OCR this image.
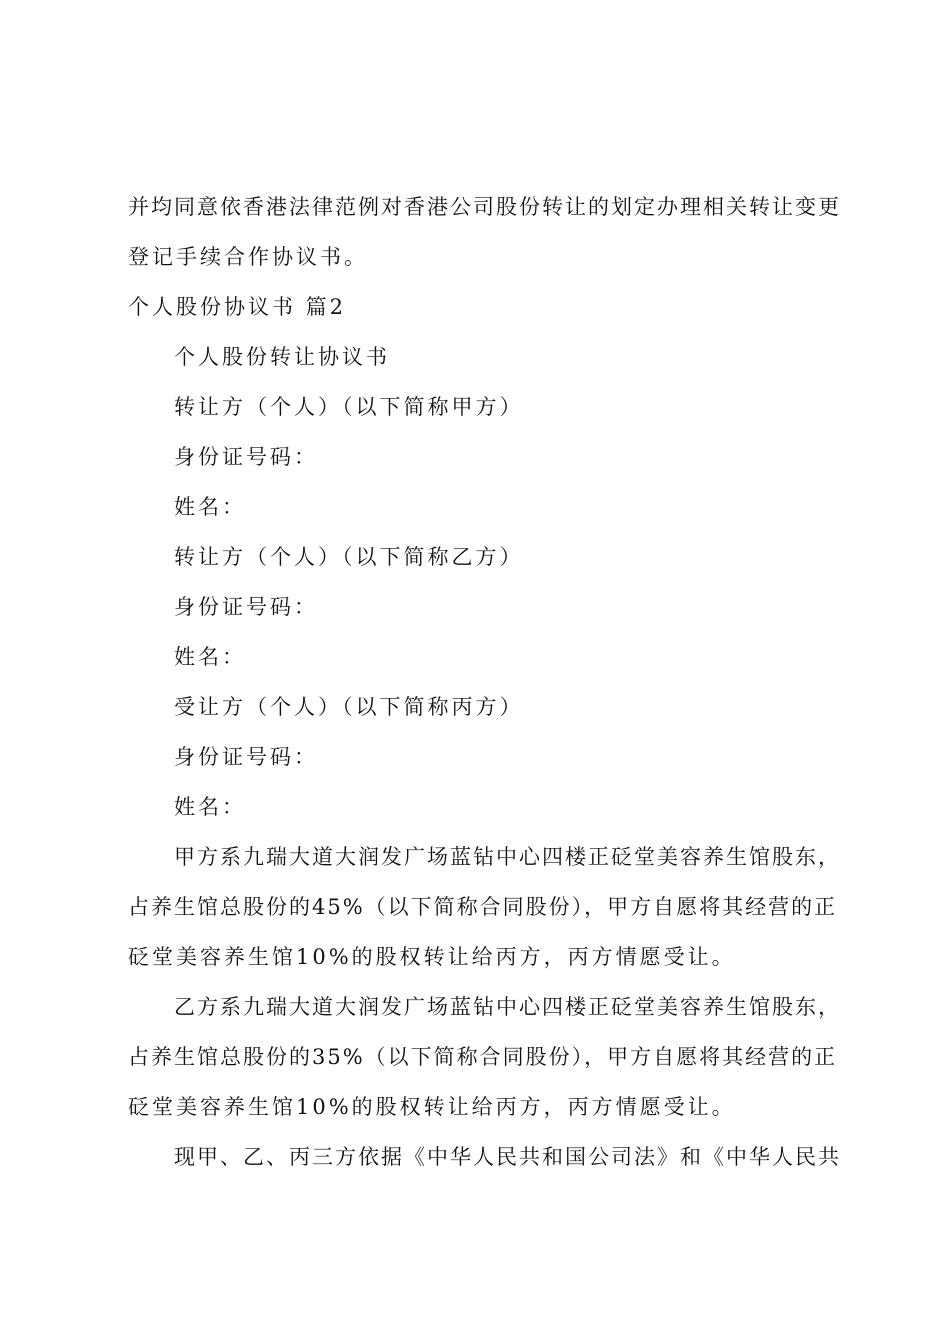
并均同意依香港法律范例对香港公司股份转让的划定办理相关转让变更
登记手续合作协议书。
个人股份协议书 篇2
个人股份转让协议书
转让方（个人）（以下简称甲方）
身份证号码：
姓名：
转让方（个人）（以下简称乙方）
身份证号码：
姓名：
受让方（个人）（以下简称丙方）
身份证号码：
姓名：
甲方系九瑞大道大润发广场蓝钻中心四楼正砭堂美容养生馆股东，
占养生馆总股份的45%（以下简称合同股份），甲方自愿将其经营的正
砭堂美容养生馆10%的股权转让给丙方，丙方情愿受让。
乙方系九瑞大道大润发广场蓝钻中心四楼正砭堂美容养生馆股东，
占养生馆总股份的35%（以下简称合同股份），甲方自愿将其经营的正
砭堂美容养生馆10%的股权转让给丙方，丙方情愿受让。
现甲、乙、丙三方依据《中华人民共和国公司法》和《中华人民共
